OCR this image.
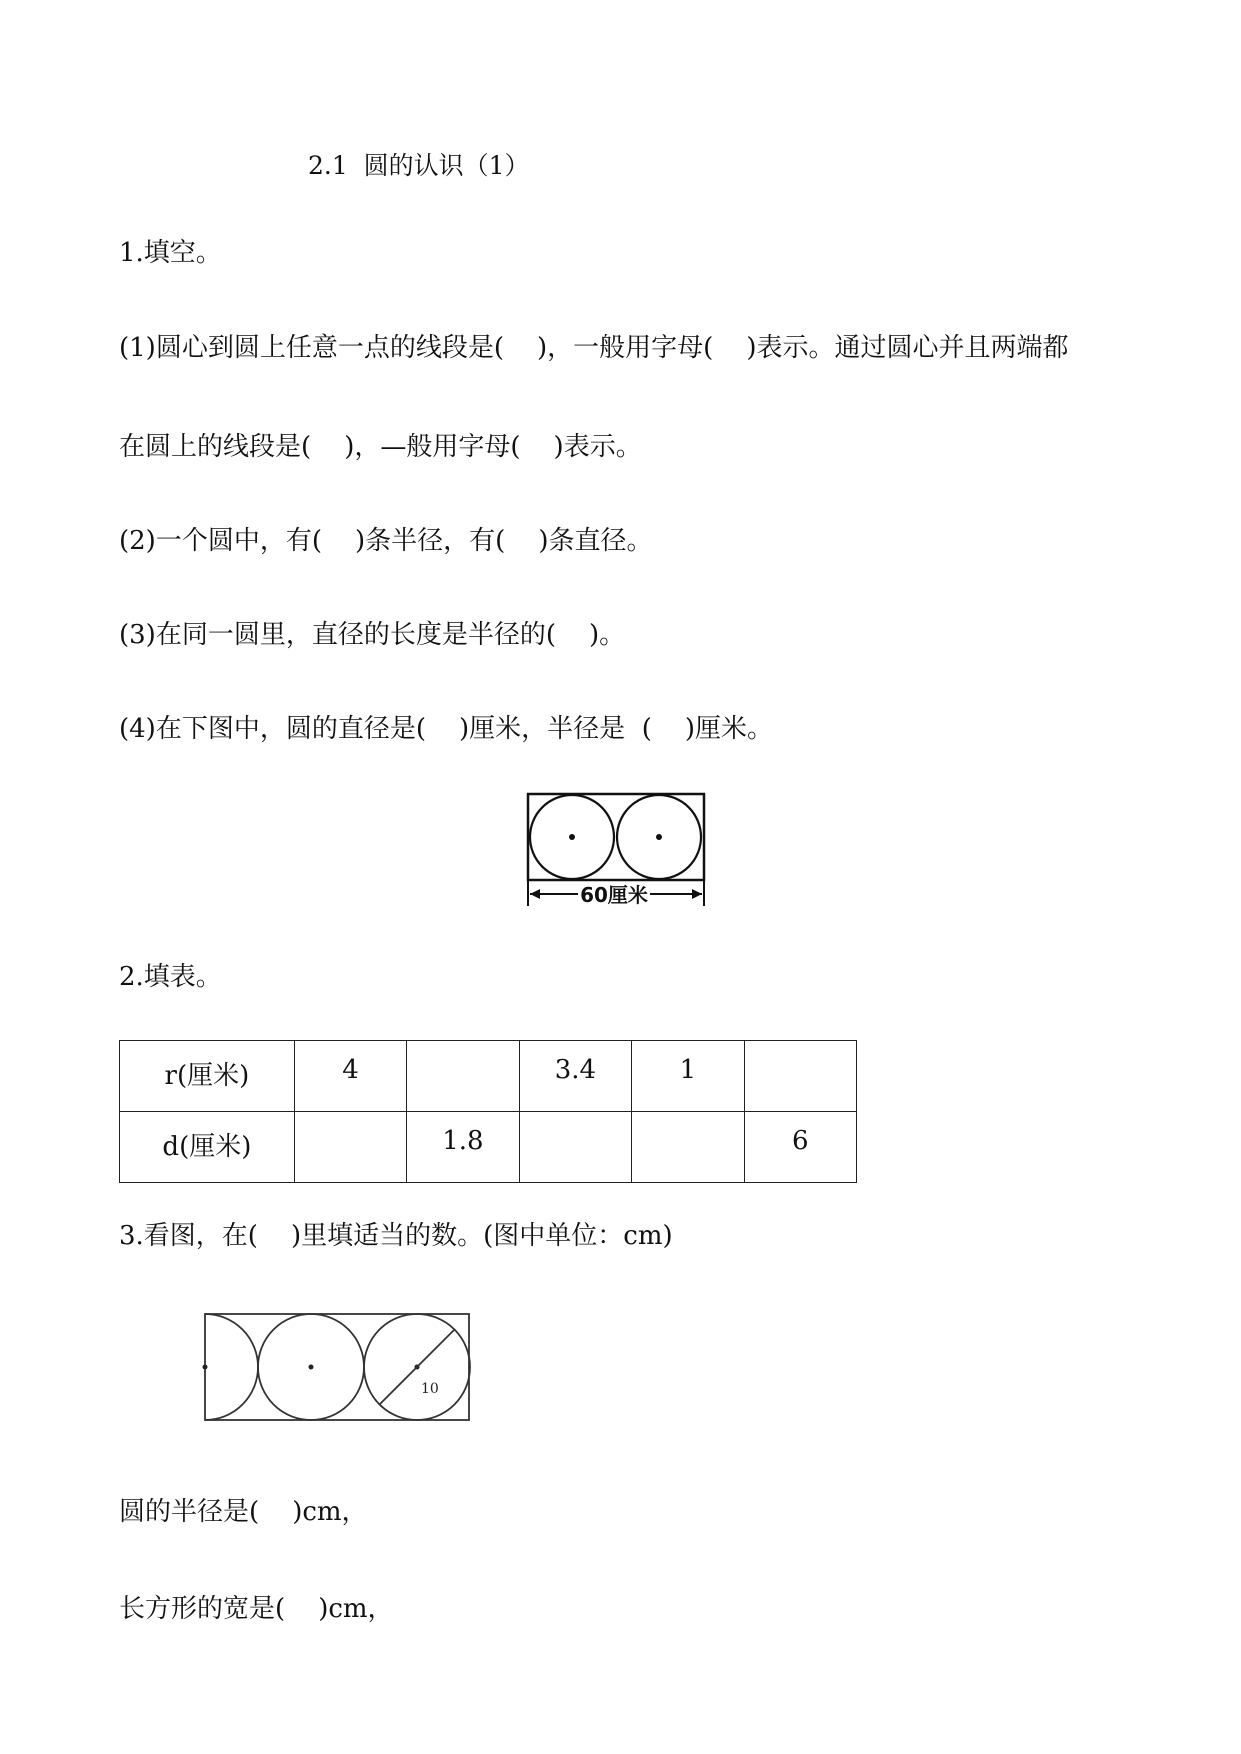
2.1  圆的认识（1）

1.填空。

(1)圆心到圆上任意一点的线段是(    )，一般用字母(    )表示。通过圆心并且两端都

在圆上的线段是(    )，—般用字母(    )表示。

(2)一个圆中，有(    )条半径，有(    )条直径。

(3)在同一圆里，直径的长度是半径的(    )。

(4)在下图中，圆的直径是(    )厘米，半径是  (    )厘米。

60厘米

2.填表。

r(厘米)	4		3.4	1	
d(厘米)		1.8			6

3.看图，在(    )里填适当的数。(图中单位：cm)

10

圆的半径是(    )cm，

长方形的宽是(    )cm，
